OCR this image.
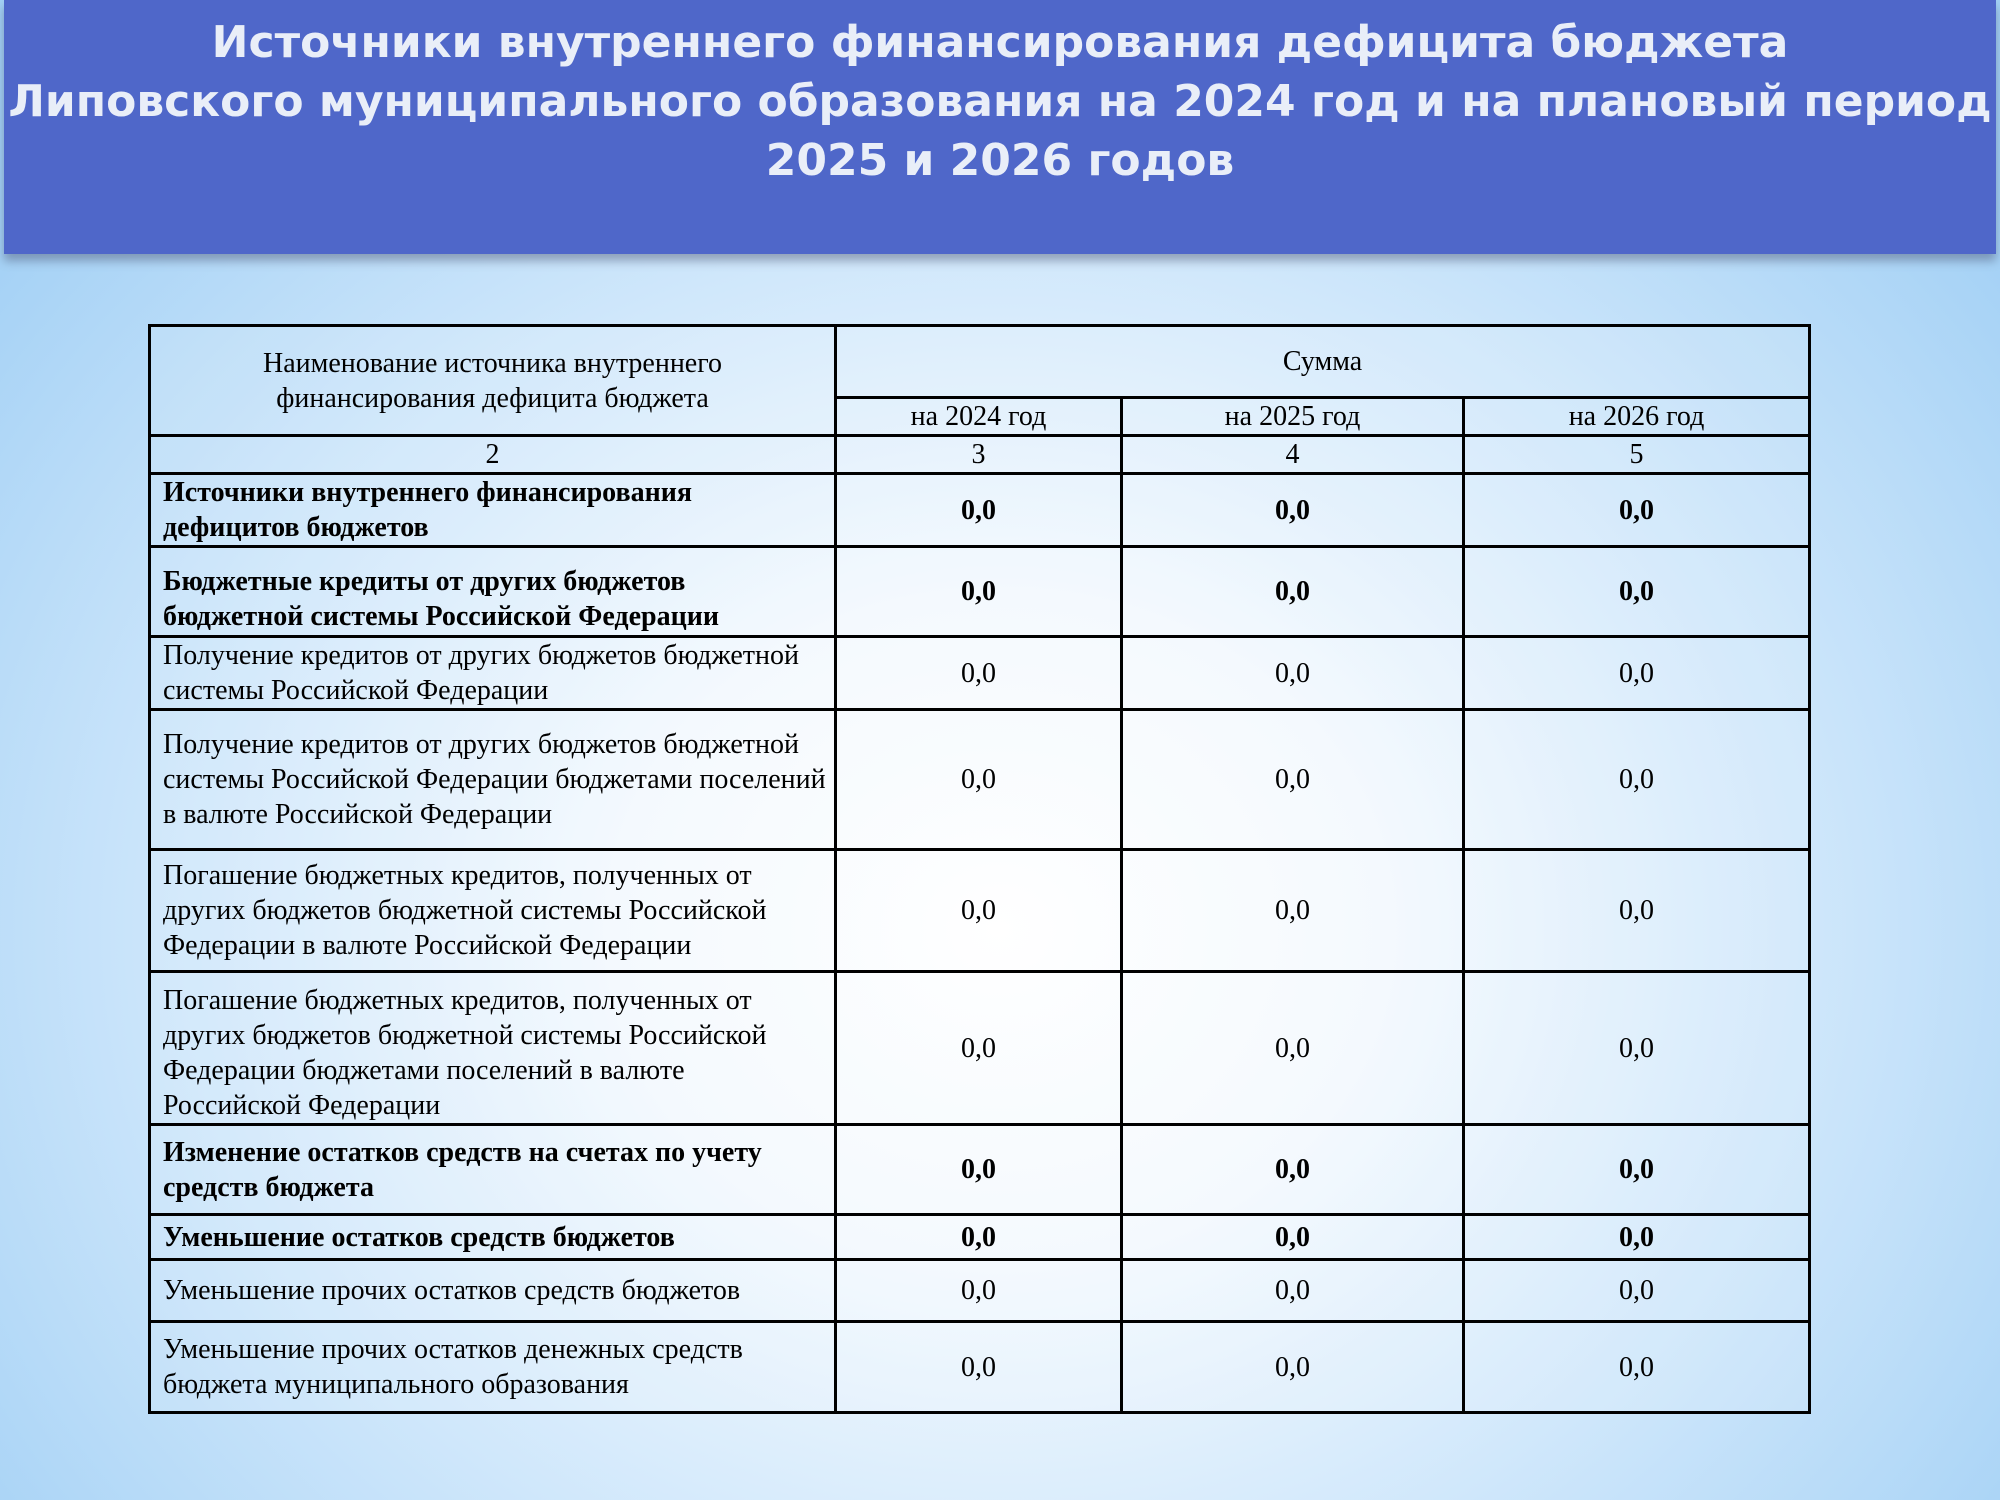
Источники внутреннего финансирования дефицита бюджета
Липовского муниципального образования на 2024 год и на плановый период
2025 и 2026 годов
Наименование источника внутреннего финансирования дефицита бюджета	Сумма		
	на 2024 год	на 2025 год	на 2026 год
2	3	4	5
Источники внутреннего финансирования дефицитов бюджетов	0,0	0,0	0,0
Бюджетные кредиты от других бюджетов бюджетной системы Российской Федерации	0,0	0,0	0,0
Получение кредитов от других бюджетов бюджетной системы Российской Федерации	0,0	0,0	0,0
Получение кредитов от других бюджетов бюджетной системы Российской Федерации бюджетами поселений в валюте Российской Федерации	0,0	0,0	0,0
Погашение бюджетных кредитов, полученных от других бюджетов бюджетной системы Российской Федерации в валюте Российской Федерации	0,0	0,0	0,0
Погашение бюджетных кредитов, полученных от других бюджетов бюджетной системы Российской Федерации бюджетами поселений в валюте Российской Федерации	0,0	0,0	0,0
Изменение остатков средств на счетах по учету средств бюджета	0,0	0,0	0,0
Уменьшение остатков средств бюджетов	0,0	0,0	0,0
Уменьшение прочих остатков средств бюджетов	0,0	0,0	0,0
Уменьшение прочих остатков денежных средств бюджета муниципального образования	0,0	0,0	0,0
